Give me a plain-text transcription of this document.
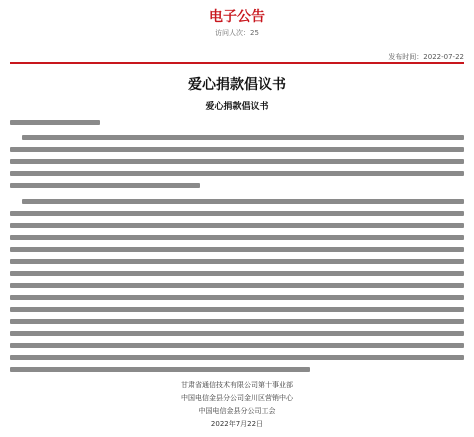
电子公告
访问人次：25
发布时间：2022-07-22
爱心捐款倡议书
爱心捐款倡议书
甘肃省通信技术有限公司第十事业部
中国电信金县分公司金川区营销中心
中国电信金县分公司工会
2022年7月22日
